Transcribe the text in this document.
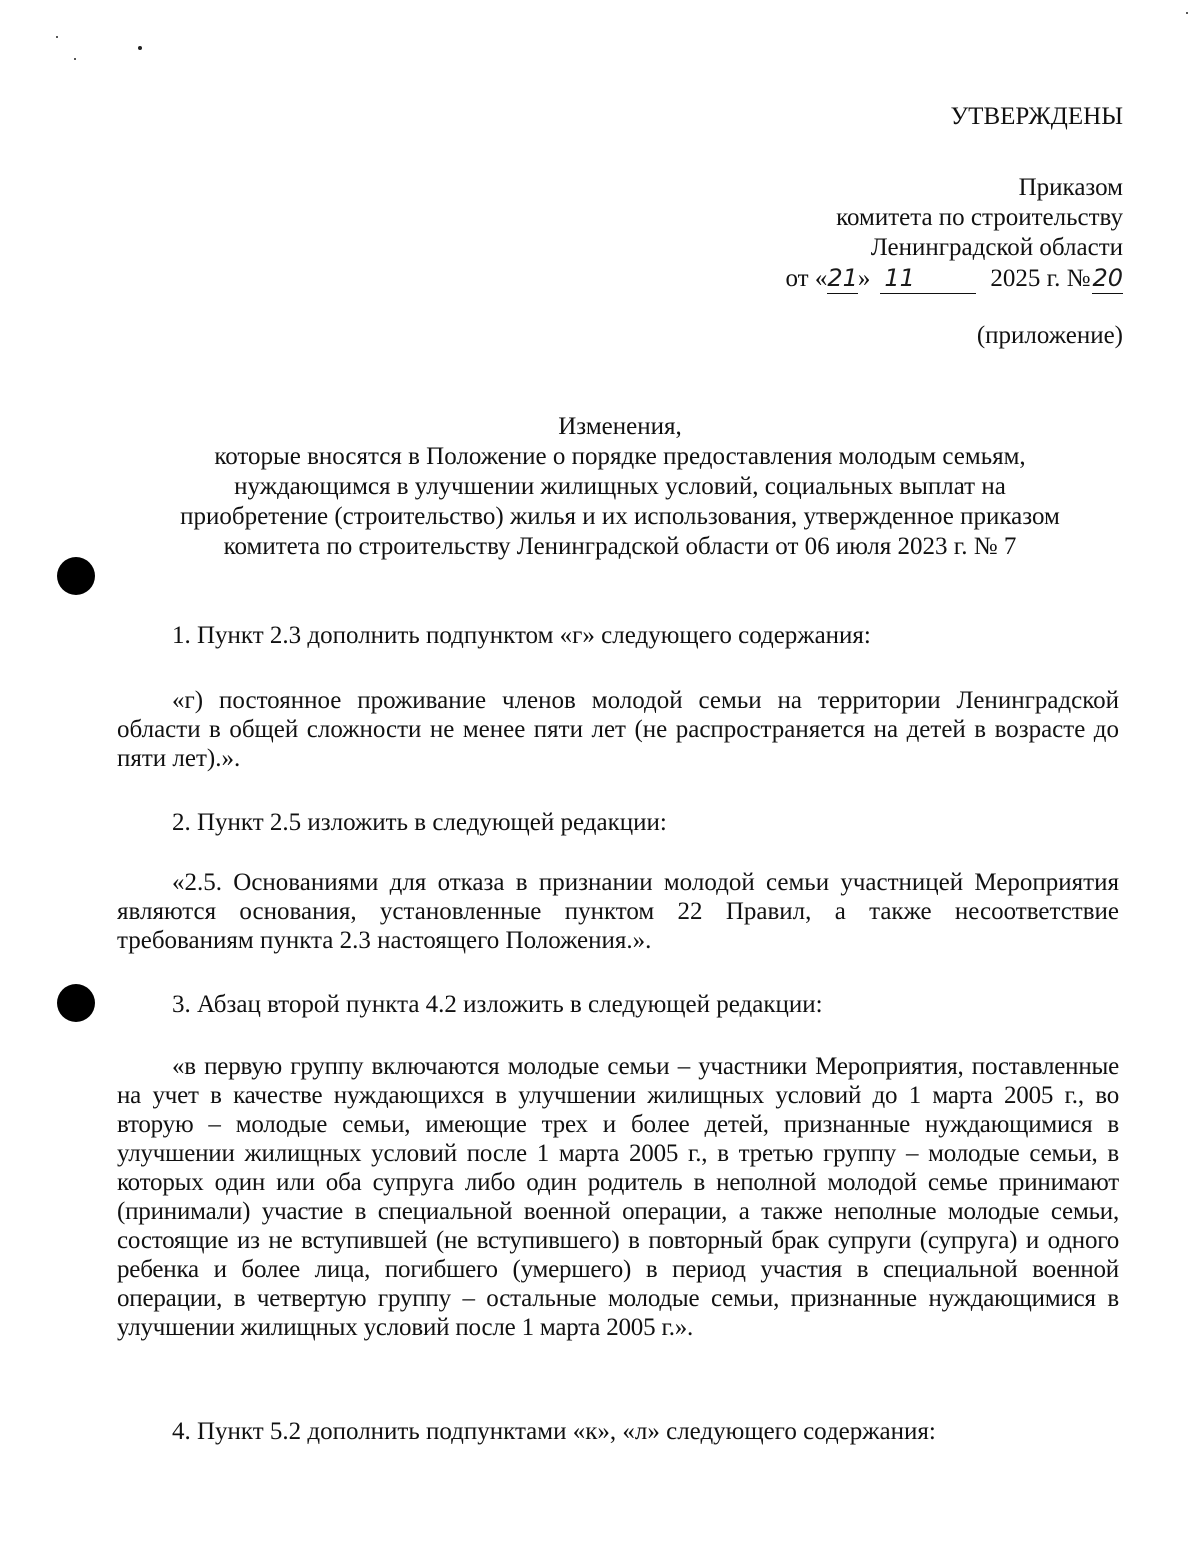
УТВЕРЖДЕНЫ
Приказом
комитета по строительству
Ленинградской области
от « 21 » 11	2025 г. № 20
(приложение)
Изменения,
которые вносятся в Положение о порядке предоставления молодым семьям,
нуждающимся в улучшении жилищных условий, социальных выплат на
приобретение (строительство) жилья и их использования, утвержденное приказом
комитета по строительству Ленинградской области от 06 июля 2023 г. № 7

1. Пункт 2.3 дополнить подпунктом «г» следующего содержания:

«г) постоянное проживание членов молодой семьи на территории Ленинградской области в общей сложности не менее пяти лет (не распространяется на детей в возрасте до пяти лет).».

2. Пункт 2.5 изложить в следующей редакции:

«2.5. Основаниями для отказа в признании молодой семьи участницей Мероприятия являются основания, установленные пунктом 22 Правил, а также несоответствие требованиям пункта 2.3 настоящего Положения.».

3. Абзац второй пункта 4.2 изложить в следующей редакции:

«в первую группу включаются молодые семьи – участники Мероприятия, поставленные на учет в качестве нуждающихся в улучшении жилищных условий до 1 марта 2005 г., во вторую – молодые семьи, имеющие трех и более детей, признанные нуждающимися в улучшении жилищных условий после 1 марта 2005 г., в третью группу – молодые семьи, в которых один или оба супруга либо один родитель в неполной молодой семье принимают (принимали) участие в специальной военной операции, а также неполные молодые семьи, состоящие из не вступившей (не вступившего) в повторный брак супруги (супруга) и одного ребенка и более лица, погибшего (умершего) в период участия в специальной военной операции, в четвертую группу – остальные молодые семьи, признанные нуждающимися в улучшении жилищных условий после 1 марта 2005 г.».

4. Пункт 5.2 дополнить подпунктами «к», «л» следующего содержания:
